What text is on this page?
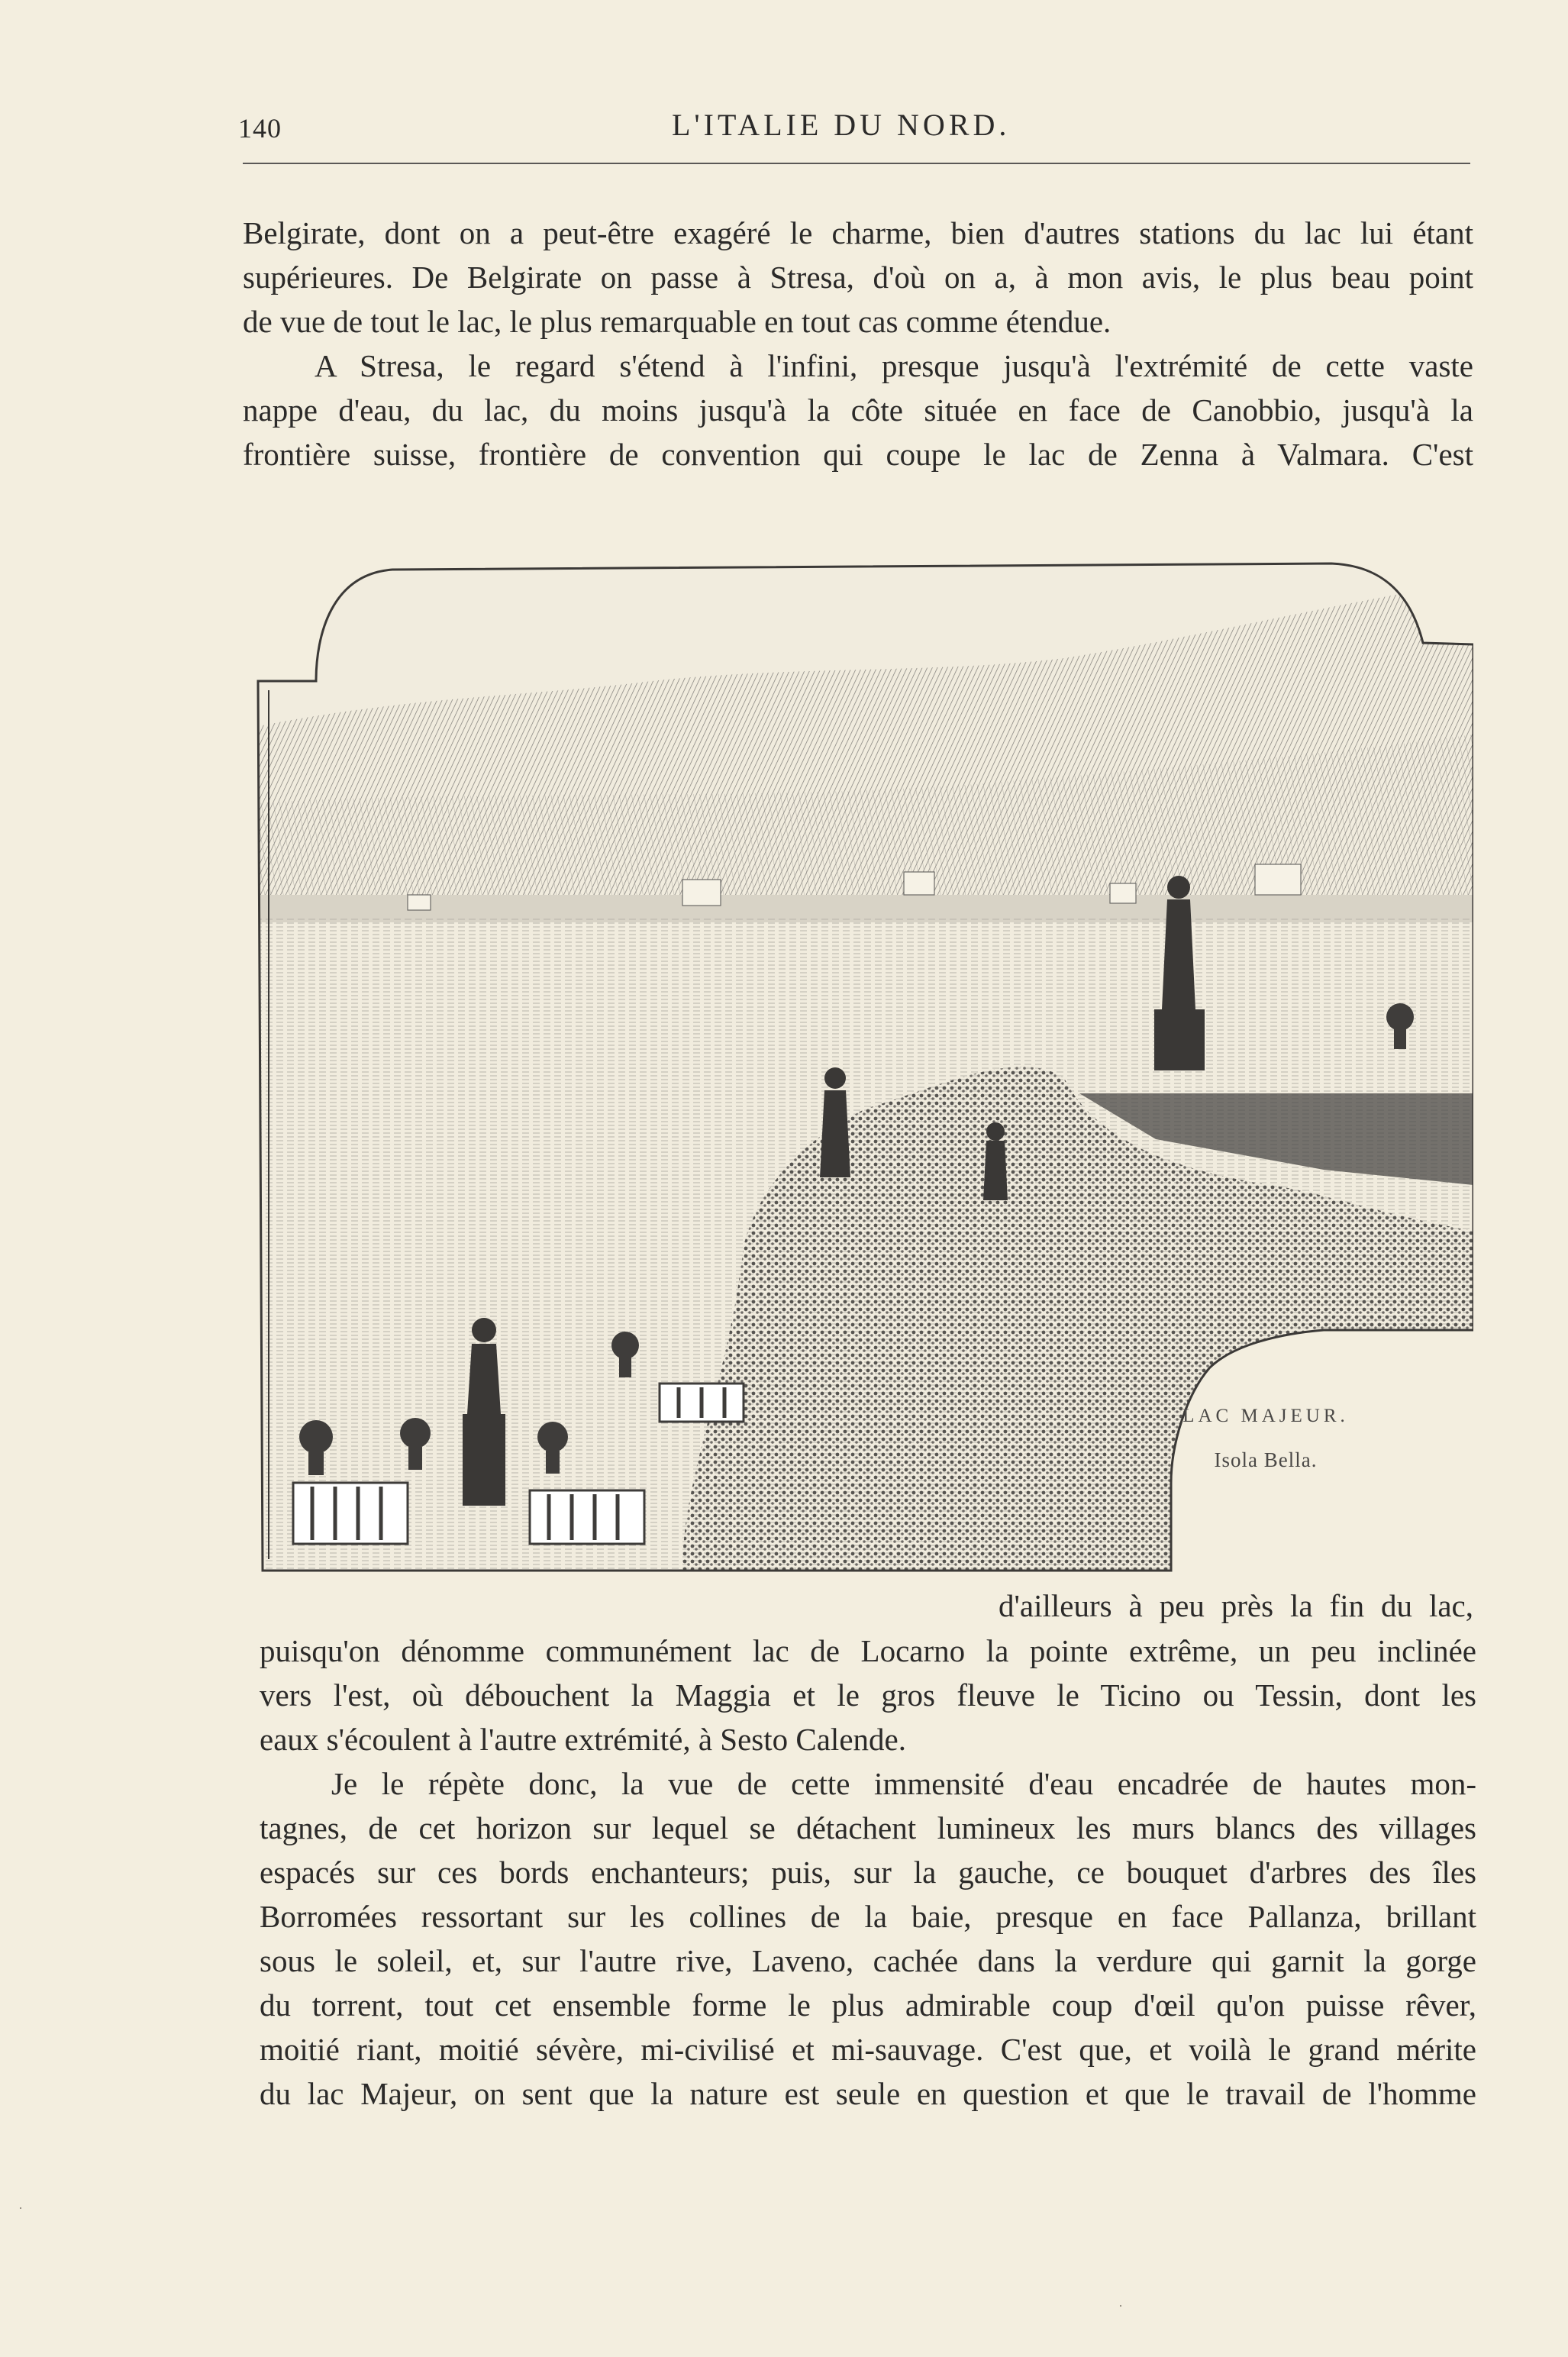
140	L'ITALIE DU NORD.

Belgirate, dont on a peut-être exagéré le charme, bien d'autres stations du lac lui étant

supérieures. De Belgirate on passe à Stresa, d'où on a, à mon avis, le plus beau point

de vue de tout le lac, le plus remarquable en tout cas comme étendue.

A Stresa, le regard s'étend à l'infini, presque jusqu'à l'extrémité de cette vaste

nappe d'eau, du lac, du moins jusqu'à la côte située en face de Canobbio, jusqu'à la

frontière suisse, frontière de convention qui coupe le lac de Zenna à Valmara. C'est

LAC MAJEUR.
Isola Bella.

d'ailleurs à peu près la fin du lac,

puisqu'on dénomme communément lac de Locarno la pointe extrême, un peu inclinée

vers l'est, où débouchent la Maggia et le gros fleuve le Ticino ou Tessin, dont les

eaux s'écoulent à l'autre extrémité, à Sesto Calende.

Je le répète donc, la vue de cette immensité d'eau encadrée de hautes mon-

tagnes, de cet horizon sur lequel se détachent lumineux les murs blancs des villages

espacés sur ces bords enchanteurs; puis, sur la gauche, ce bouquet d'arbres des îles

Borromées ressortant sur les collines de la baie, presque en face Pallanza, brillant

sous le soleil, et, sur l'autre rive, Laveno, cachée dans la verdure qui garnit la gorge

du torrent, tout cet ensemble forme le plus admirable coup d'œil qu'on puisse rêver,

moitié riant, moitié sévère, mi-civilisé et mi-sauvage. C'est que, et voilà le grand mérite

du lac Majeur, on sent que la nature est seule en question et que le travail de l'homme

·
·
